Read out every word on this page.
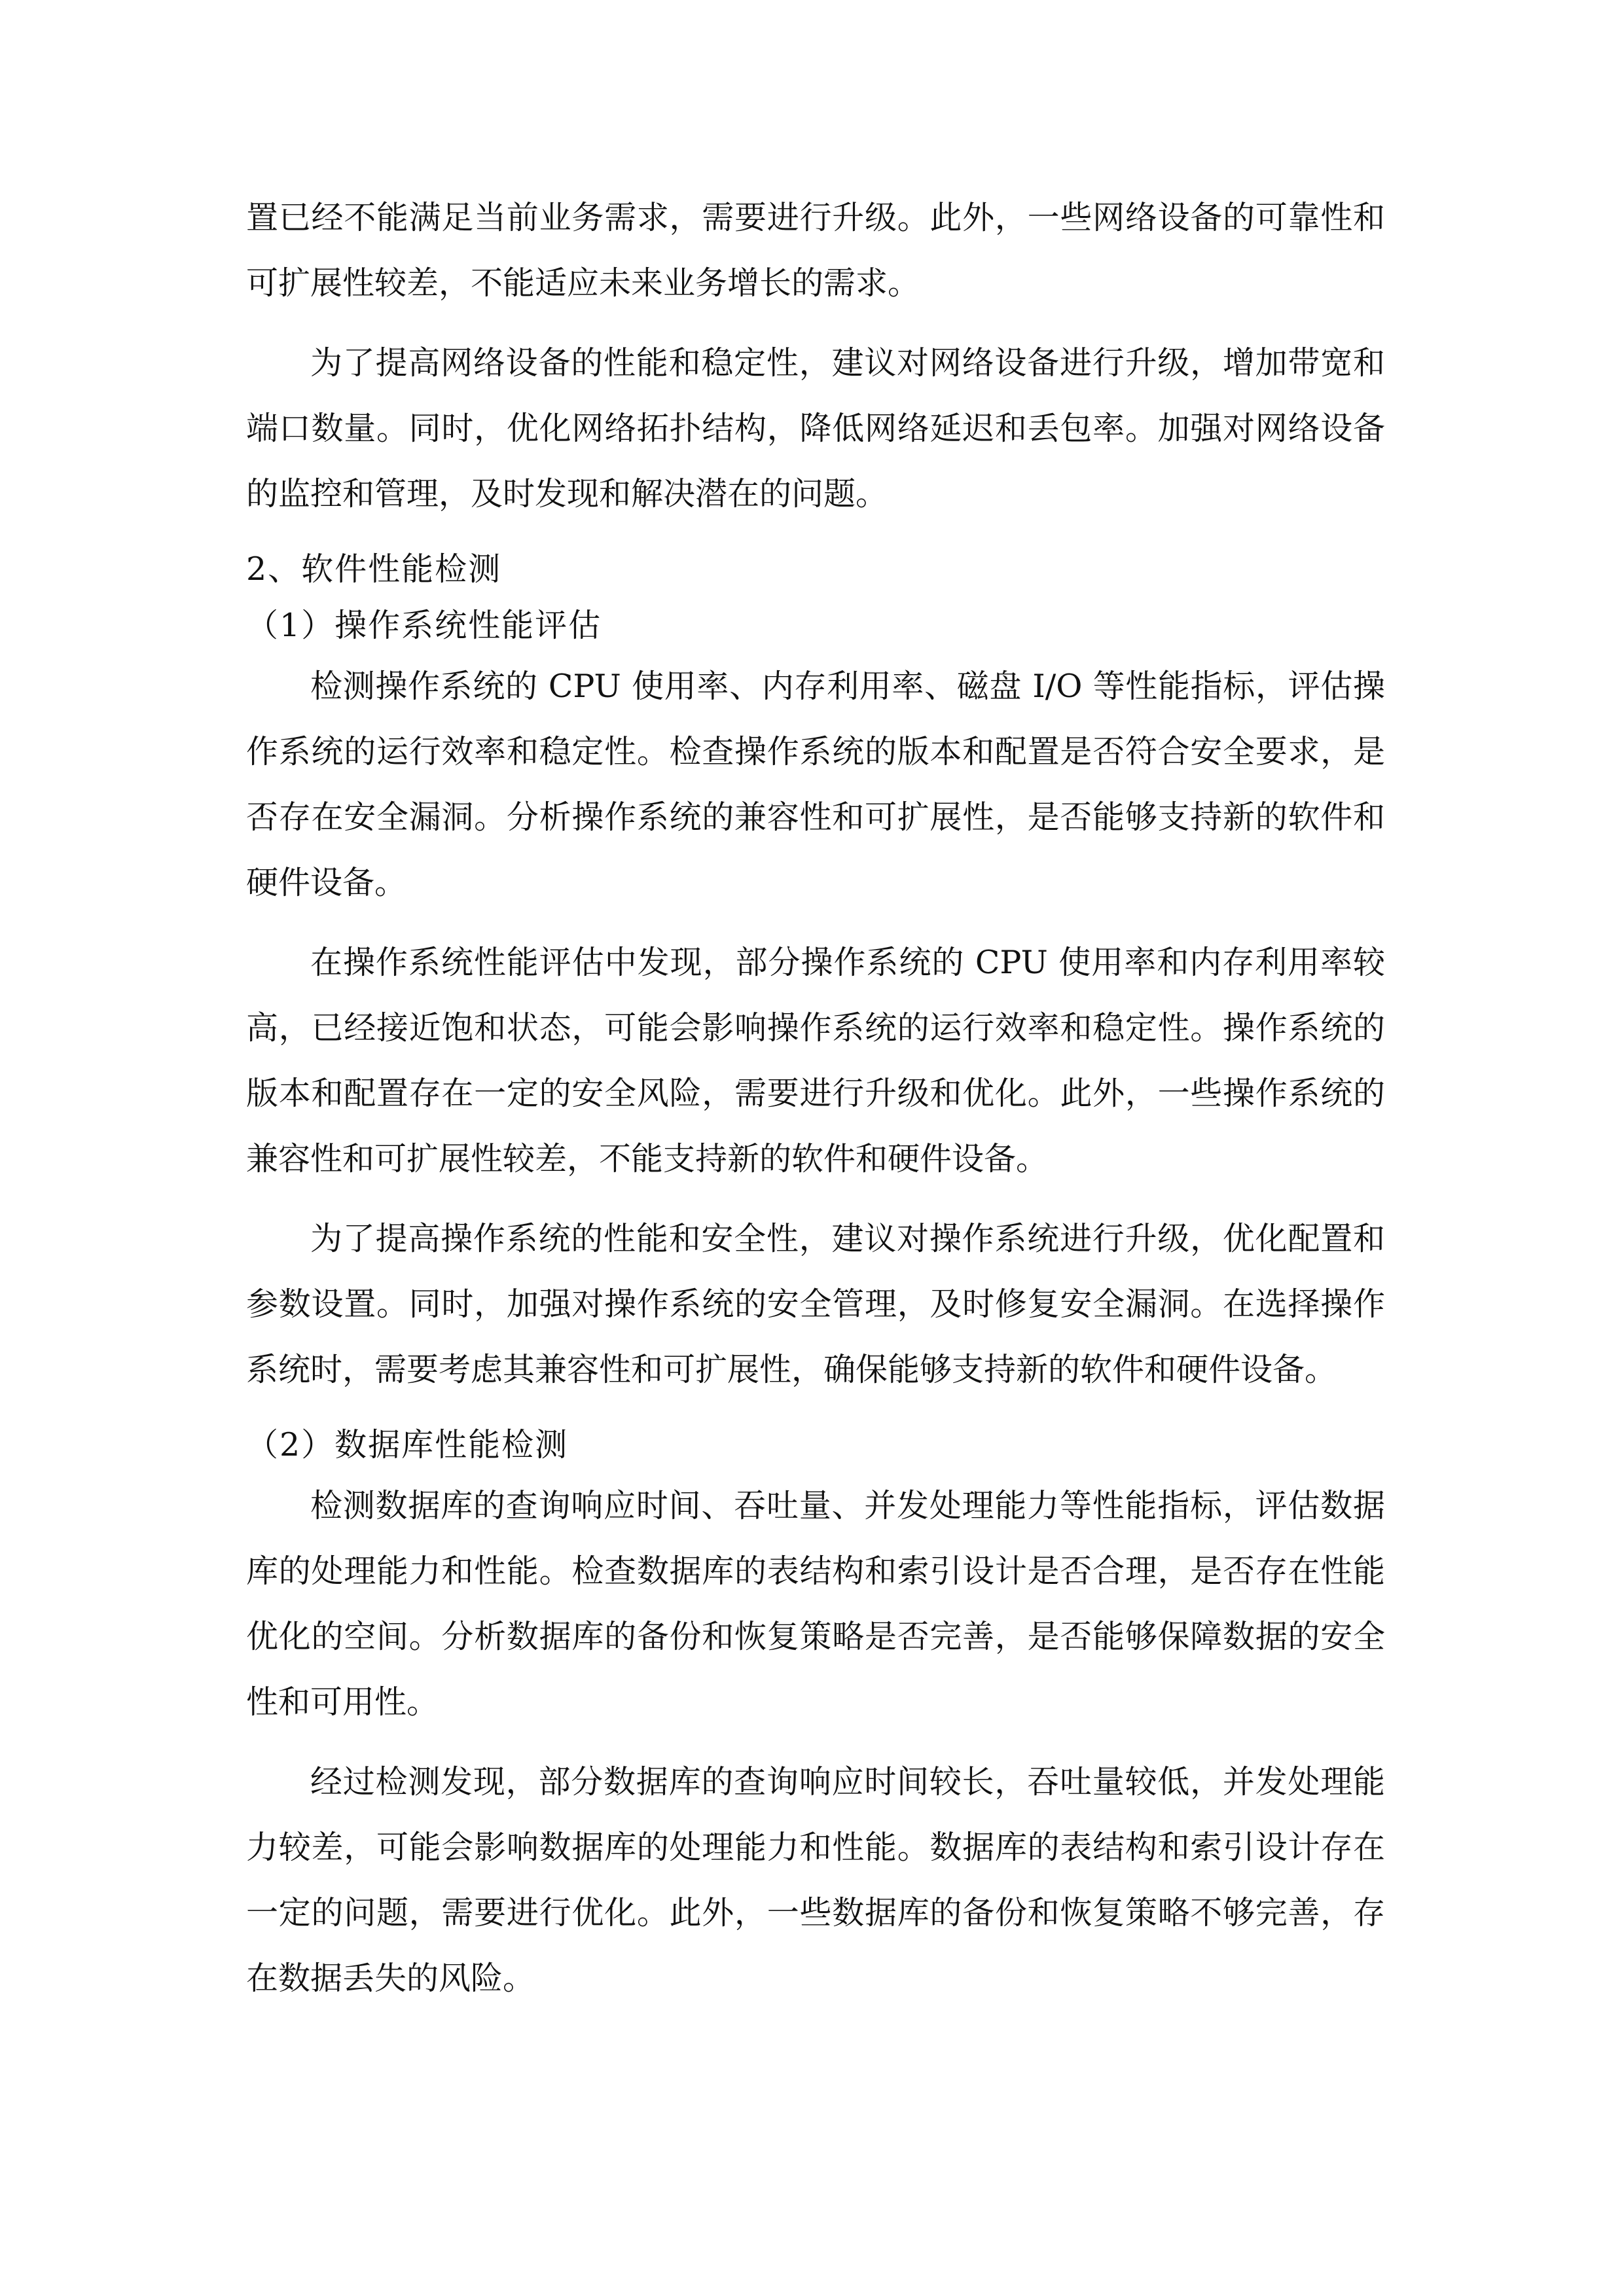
置已经不能满足当前业务需求，需要进行升级。此外，一些网络设备的可靠性和可扩展性较差，不能适应未来业务增长的需求。

为了提高网络设备的性能和稳定性，建议对网络设备进行升级，增加带宽和端口数量。同时，优化网络拓扑结构，降低网络延迟和丢包率。加强对网络设备的监控和管理，及时发现和解决潜在的问题。

2、软件性能检测

（1）操作系统性能评估

检测操作系统的 CPU 使用率、内存利用率、磁盘 I/O 等性能指标，评估操作系统的运行效率和稳定性。检查操作系统的版本和配置是否符合安全要求，是否存在安全漏洞。分析操作系统的兼容性和可扩展性，是否能够支持新的软件和硬件设备。

在操作系统性能评估中发现，部分操作系统的 CPU 使用率和内存利用率较高，已经接近饱和状态，可能会影响操作系统的运行效率和稳定性。操作系统的版本和配置存在一定的安全风险，需要进行升级和优化。此外，一些操作系统的兼容性和可扩展性较差，不能支持新的软件和硬件设备。

为了提高操作系统的性能和安全性，建议对操作系统进行升级，优化配置和参数设置。同时，加强对操作系统的安全管理，及时修复安全漏洞。在选择操作系统时，需要考虑其兼容性和可扩展性，确保能够支持新的软件和硬件设备。

（2）数据库性能检测

检测数据库的查询响应时间、吞吐量、并发处理能力等性能指标，评估数据库的处理能力和性能。检查数据库的表结构和索引设计是否合理，是否存在性能优化的空间。分析数据库的备份和恢复策略是否完善，是否能够保障数据的安全性和可用性。

经过检测发现，部分数据库的查询响应时间较长，吞吐量较低，并发处理能力较差，可能会影响数据库的处理能力和性能。数据库的表结构和索引设计存在一定的问题，需要进行优化。此外，一些数据库的备份和恢复策略不够完善，存在数据丢失的风险。
